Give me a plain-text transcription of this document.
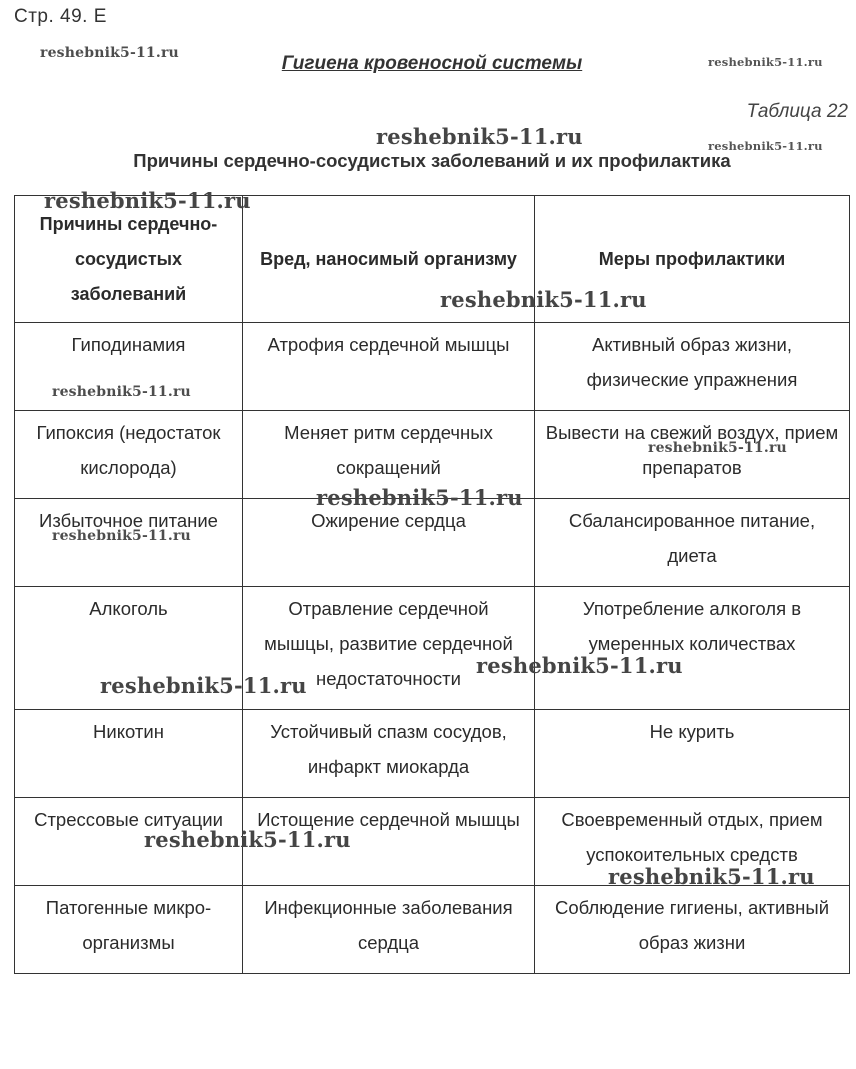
Стр. 49. Е
Гигиена кровеносной системы
Таблица 22
Причины сердечно-сосудистых заболеваний и их профилактика
Причины сердечно-сосудистых заболеваний	Вред, наносимый организму	Меры профилактики
Гиподинамия	Атрофия сердечной мышцы	Активный образ жизни, физические упражнения
Гипоксия (недостаток кислорода)	Меняет ритм сердечных сокращений	Вывести на свежий воздух, прием препаратов
Избыточное питание	Ожирение сердца	Сбалансированное питание, диета
Алкоголь	Отравление сердечной мышцы, развитие сердечной недостаточности	Употребление алкоголя в умеренных количествах
Никотин	Устойчивый спазм сосудов, инфаркт миокарда	Не курить
Стрессовые ситуации	Истощение сердечной мышцы	Своевременный отдых, прием успокоительных средств
Патогенные микро-организмы	Инфекционные заболевания сердца	Соблюдение гигиены, активный образ жизни
reshebnik5-11.ru
reshebnik5-11.ru
reshebnik5-11.ru	reshebnik5-11.ru
reshebnik5-11.ru
reshebnik5-11.ru
reshebnik5-11.ru
reshebnik5-11.ru
reshebnik5-11.ru
reshebnik5-11.ru
reshebnik5-11.ru
reshebnik5-11.ru
reshebnik5-11.ru
reshebnik5-11.ru
